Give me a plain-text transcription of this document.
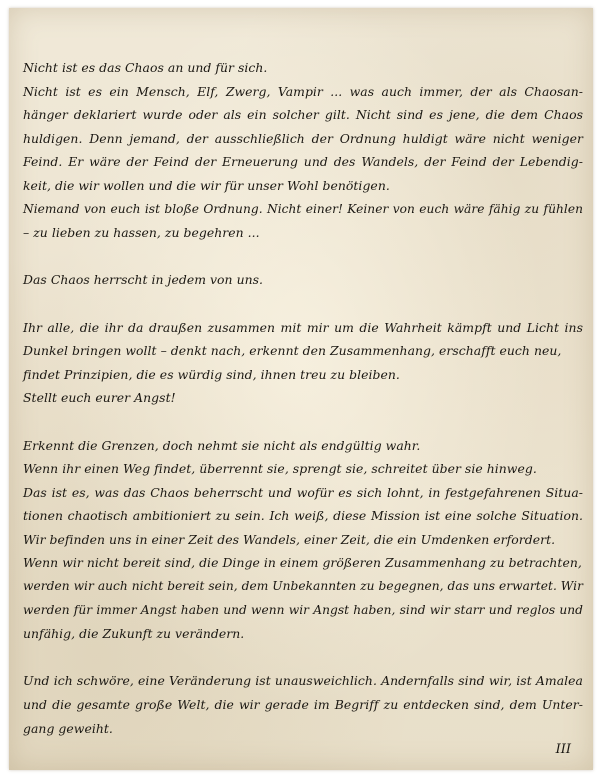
Nicht ist es das Chaos an und für sich.
Nicht ist es ein Mensch, Elf, Zwerg, Vampir ... was auch immer, der als Chaosan-
hänger deklariert wurde oder als ein solcher gilt. Nicht sind es jene, die dem Chaos
huldigen. Denn jemand, der ausschließlich der Ordnung huldigt wäre nicht weniger
Feind. Er wäre der Feind der Erneuerung und des Wandels, der Feind der Lebendig-
keit, die wir wollen und die wir für unser Wohl benötigen.
Niemand von euch ist bloße Ordnung. Nicht einer! Keiner von euch wäre fähig zu fühlen
– zu lieben zu hassen, zu begehren ...
Das Chaos herrscht in jedem von uns.
Ihr alle, die ihr da draußen zusammen mit mir um die Wahrheit kämpft und Licht ins
Dunkel bringen wollt – denkt nach, erkennt den Zusammenhang, erschafft euch neu,
findet Prinzipien, die es würdig sind, ihnen treu zu bleiben.
Stellt euch eurer Angst!
Erkennt die Grenzen, doch nehmt sie nicht als endgültig wahr.
Wenn ihr einen Weg findet, überrennt sie, sprengt sie, schreitet über sie hinweg.
Das ist es, was das Chaos beherrscht und wofür es sich lohnt, in festgefahrenen Situa-
tionen chaotisch ambitioniert zu sein. Ich weiß, diese Mission ist eine solche Situation.
Wir befinden uns in einer Zeit des Wandels, einer Zeit, die ein Umdenken erfordert.
Wenn wir nicht bereit sind, die Dinge in einem größeren Zusammenhang zu betrachten,
werden wir auch nicht bereit sein, dem Unbekannten zu begegnen, das uns erwartet. Wir
werden für immer Angst haben und wenn wir Angst haben, sind wir starr und reglos und
unfähig, die Zukunft zu verändern.
Und ich schwöre, eine Veränderung ist unausweichlich. Andernfalls sind wir, ist Amalea
und die gesamte große Welt, die wir gerade im Begriff zu entdecken sind, dem Unter-
gang geweiht.
III
